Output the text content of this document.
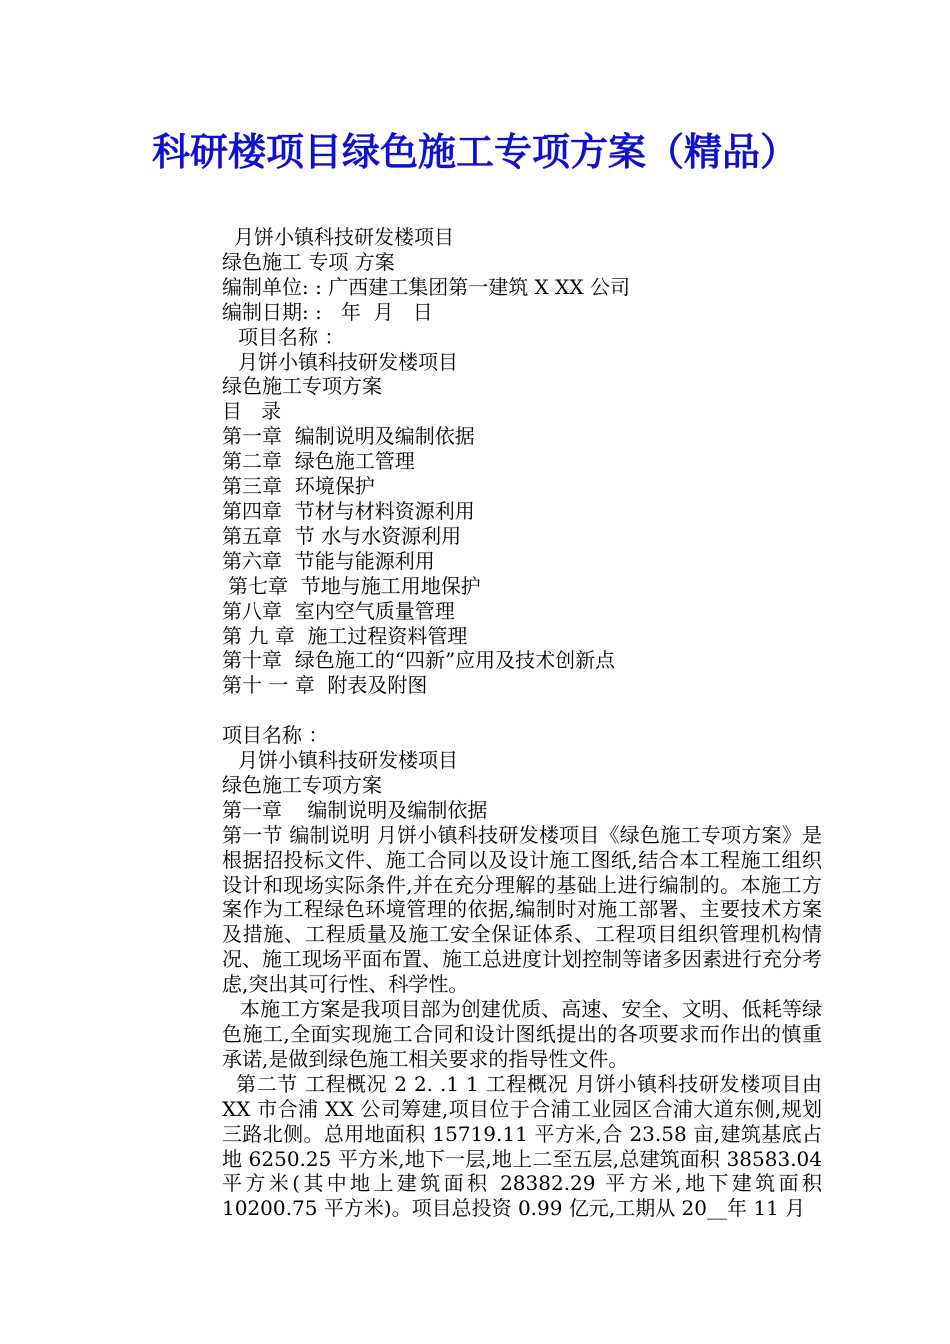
科研楼项目绿色施工专项方案（精品）
月饼小镇科技研发楼项目
绿色施工 专项 方案
编制单位: : 广西建工集团第一建筑 X XX 公司
编制日期: :   年  月   日
项目名称 ：
月饼小镇科技研发楼项目
绿色施工专项方案
目   录
第一章  编制说明及编制依据
第二章  绿色施工管理
第三章  环境保护
第四章  节材与材料资源利用
第五章  节 水与水资源利用
第六章  节能与能源利用
第七章  节地与施工用地保护
第八章  室内空气质量管理
第 九 章  施工过程资料管理
第十章  绿色施工的“四新”应用及技术创新点
第十 一 章  附表及附图
项目名称 ：
月饼小镇科技研发楼项目
绿色施工专项方案
第一章    编制说明及编制依据
第一节 编制说明 月饼小镇科技研发楼项目《绿色施工专项方案》是根据招投标文件、施工合同以及设计施工图纸,结合本工程施工组织设计和现场实际条件,并在充分理解的基础上进行编制的。本施工方案作为工程绿色环境管理的依据,编制时对施工部署、主要技术方案及措施、工程质量及施工安全保证体系、工程项目组织管理机构情况、施工现场平面布置、施工总进度计划控制等诸多因素进行充分考虑,突出其可行性、科学性。
本施工方案是我项目部为创建优质、高速、安全、文明、低耗等绿色施工,全面实现施工合同和设计图纸提出的各项要求而作出的慎重承诺,是做到绿色施工相关要求的指导性文件。
第二节 工程概况 2 2. .1 1 工程概况 月饼小镇科技研发楼项目由 XX 市合浦 XX 公司筹建,项目位于合浦工业园区合浦大道东侧,规划三路北侧。总用地面积 15719.11 平方米,合 23.58 亩,建筑基底占地 6250.25 平方米,地下一层,地上二至五层,总建筑面积 38583.04 平方米(其中地上建筑面积 28382.29 平方米,地下建筑面积 10200.75 平方米)。项目总投资 0.99 亿元,工期从 20__年 11 月
